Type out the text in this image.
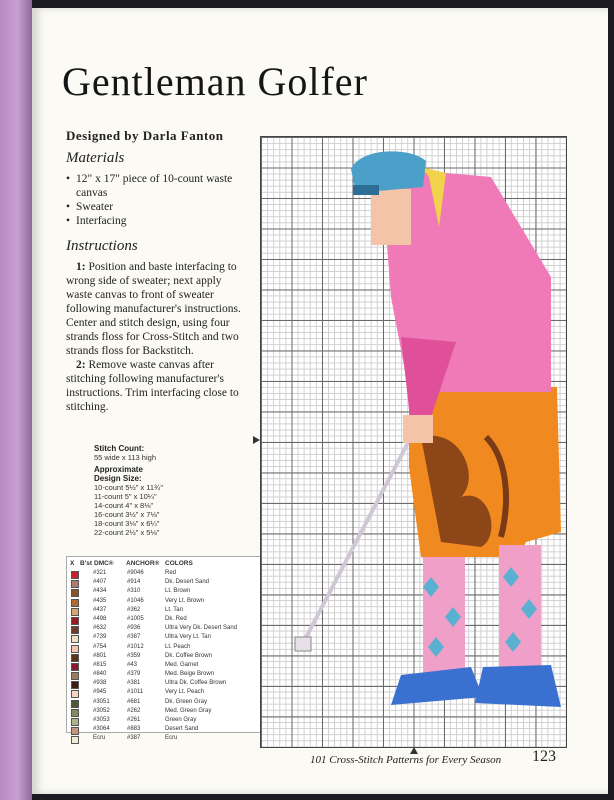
Gentleman Golfer
Designed by Darla Fanton
Materials
• 12" x 17" piece of 10-count waste canvas
• Sweater
• Interfacing
Instructions

1: Position and baste interfacing to wrong side of sweater; next apply waste canvas to front of sweater following manufacturer's instructions. Center and stitch design, using four strands floss for Cross-Stitch and two strands floss for Backstitch.

2: Remove waste canvas after stitching following manufacturer's instructions. Trim interfacing close to stitching.

Stitch Count:
55 wide x 113 high
Approximate Design Size:
10-count 5½" x 11¾"
11-count 5" x 10¼"
14-count 4" x 8⅛"
16-count 3½" x 7⅛"
18-count 3⅛" x 6¼"
22-count 2½" x 5⅛"
X B'st DMC® ANCHOR® COLORS
#321	#9046	Red
#407	#914	Dk. Desert Sand
#434	#310	Lt. Brown
#435	#1046	Very Lt. Brown
#437	#362	Lt. Tan
#498	#1005	Dk. Red
#632	#936	Ultra Very Dk. Desert Sand
#739	#387	Ultra Very Lt. Tan
#754	#1012	Lt. Peach
#801	#359	Dk. Coffee Brown
#815	#43	Med. Garnet
#840	#379	Med. Beige Brown
#938	#381	Ultra Dk. Coffee Brown
#945	#1011	Very Lt. Peach
#3051	#681	Dk. Green Gray
#3052	#262	Med. Green Gray
#3053	#261	Green Gray
#3064	#883	Desert Sand
Ecru	#387	Ecru
101 Cross-Stitch Patterns for Every Season 123
